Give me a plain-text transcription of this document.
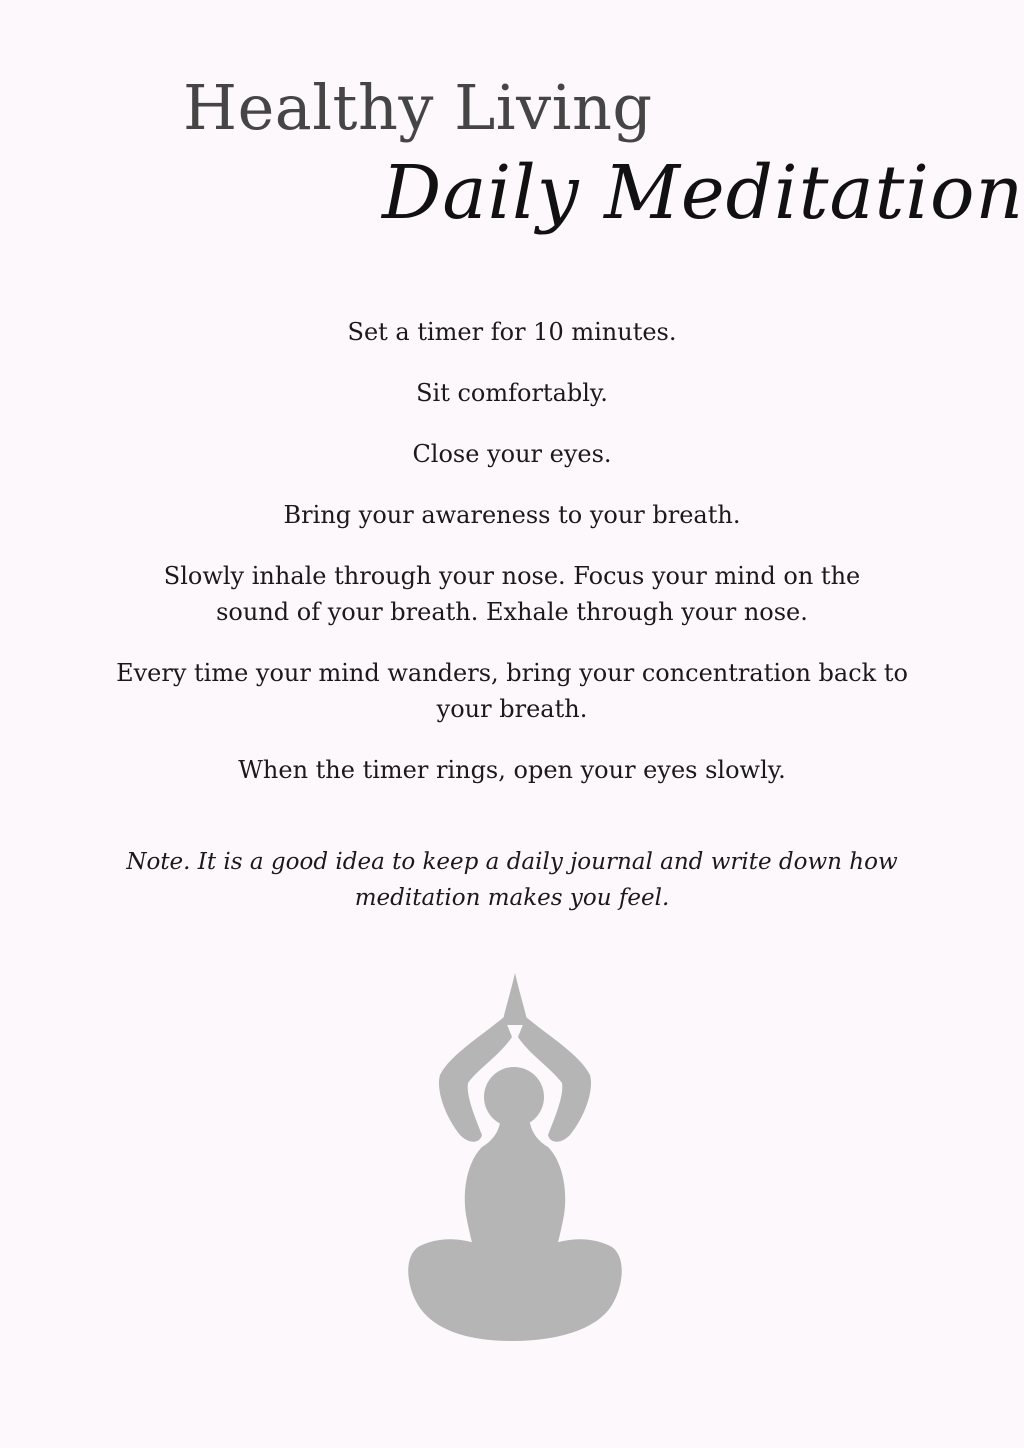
Healthy Living
Daily Meditation
Set a timer for 10 minutes.
Sit comfortably.
Close your eyes.
Bring your awareness to your breath.
Slowly inhale through your nose. Focus your mind on the sound of your breath. Exhale through your nose.
Every time your mind wanders, bring your concentration back to your breath.
When the timer rings, open your eyes slowly.

Note. It is a good idea to keep a daily journal and write down how meditation makes you feel.
